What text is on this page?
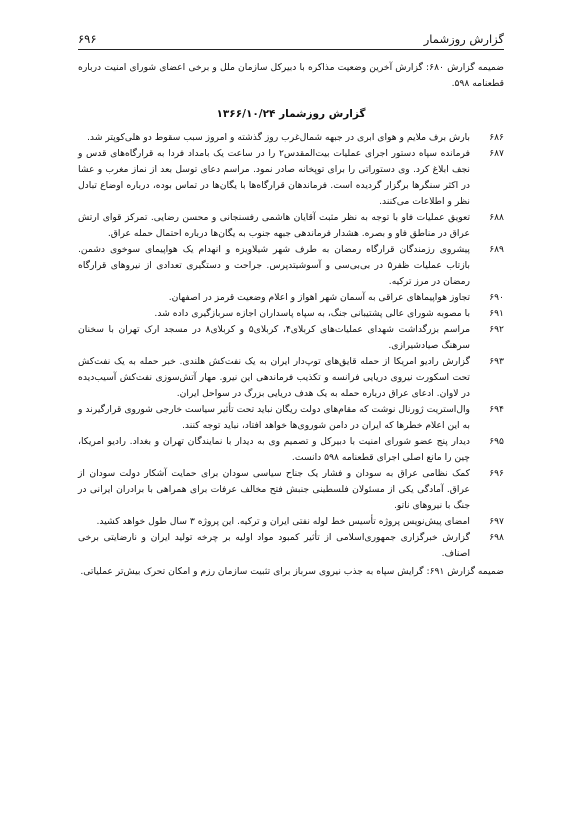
گزارش روزشمار
۶۹۶

ضمیمه گزارش ۶۸۰: گزارش آخرین وضعیت مذاکره با دبیرکل سازمان ملل و برخی اعضای شورای امنیت درباره قطعنامه ۵۹۸.

گزارش روزشمار ۱۳۶۶/۱۰/۲۴
۶۸۶
بارش برف ملایم و هوای ابری در جبهه شمال‌غرب روز گذشته و امروز سبب سقوط دو هلی‌کوپتر شد.
۶۸۷
فرمانده سپاه دستور اجرای عملیات بیت‌المقدس۲ را در ساعت یک بامداد فردا به قرارگاه‌های قدس و نجف ابلاغ کرد. وی دستوراتی را برای توپخانه صادر نمود. مراسم دعای توسل بعد از نماز مغرب و عشا در اکثر سنگرها برگزار گردیده است. فرماندهان قرارگاه‌ها با یگان‌ها در تماس بوده، درباره اوضاع تبادل نظر و اطلاعات می‌کنند.
۶۸۸
تعویق عملیات فاو با توجه به نظر مثبت آقایان هاشمی رفسنجانی و محسن رضایی. تمرکز قوای ارتش عراق در مناطق فاو و بصره. هشدار فرماندهی جبهه جنوب به یگان‌ها درباره احتمال حمله عراق.
۶۸۹
پیشروی رزمندگان قرارگاه رمضان به طرف شهر شیلاویزه و انهدام یک هواپیمای سوخوی دشمن. بازتاب عملیات ظفر۵ در بی‌بی‌سی و آسوشیتدپرس. جراحت و دستگیری تعدادی از نیروهای قرارگاه رمضان در مرز ترکیه.
۶۹۰
تجاوز هواپیماهای عراقی به آسمان شهر اهواز و اعلام وضعیت قرمز در اصفهان.
۶۹۱
با مصوبه شورای عالی پشتیبانی جنگ، به سپاه پاسداران اجازه سربازگیری داده شد.
۶۹۲
مراسم بزرگداشت شهدای عملیات‌های کربلای۴، کربلای۵ و کربلای۸ در مسجد ارک تهران با سخنان سرهنگ صیادشیرازی.
۶۹۳
گزارش رادیو امریکا از حمله قایق‌های توپ‌دار ایران به یک نفت‌کش هلندی. خبر حمله به یک نفت‌کش تحت اسکورت نیروی دریایی فرانسه و تکذیب فرماندهی این نیرو. مهار آتش‌سوزی نفت‌کش آسیب‌دیده در لاوان. ادعای عراق درباره حمله به یک هدف دریایی بزرگ در سواحل ایران.
۶۹۴
وال‌استریت ژورنال نوشت که مقام‌های دولت ریگان نباید تحت تأثیر سیاست خارجی شوروی قرارگیرند و به این اعلام خطرها که ایران در دامن شوروی‌ها خواهد افتاد، نباید توجه کنند.
۶۹۵
دیدار پنج عضو شورای امنیت با دبیرکل و تصمیم وی به دیدار با نمایندگان تهران و بغداد. رادیو امریکا، چین را مانع اصلی اجرای قطعنامه ۵۹۸ دانست.
۶۹۶
کمک نظامی عراق به سودان و فشار یک جناح سیاسی سودان برای حمایت آشکار دولت سودان از عراق. آمادگی یکی از مسئولان فلسطینی جنبش فتح مخالف عرفات برای همراهی با برادران ایرانی در جنگ با نیروهای ناتو.
۶۹۷
امضای پیش‌نویس پروژه تأسیس خط لوله نفتی ایران و ترکیه. این پروژه ۳ سال طول خواهد کشید.
۶۹۸
گزارش خبرگزاری جمهوری‌اسلامی از تأثیر کمبود مواد اولیه بر چرخه تولید ایران و نارضایتی برخی اصناف.

ضمیمه گزارش ۶۹۱: گرایش سپاه به جذب نیروی سرباز برای تثبیت سازمان رزم و امکان تحرک بیش‌تر عملیاتی.
